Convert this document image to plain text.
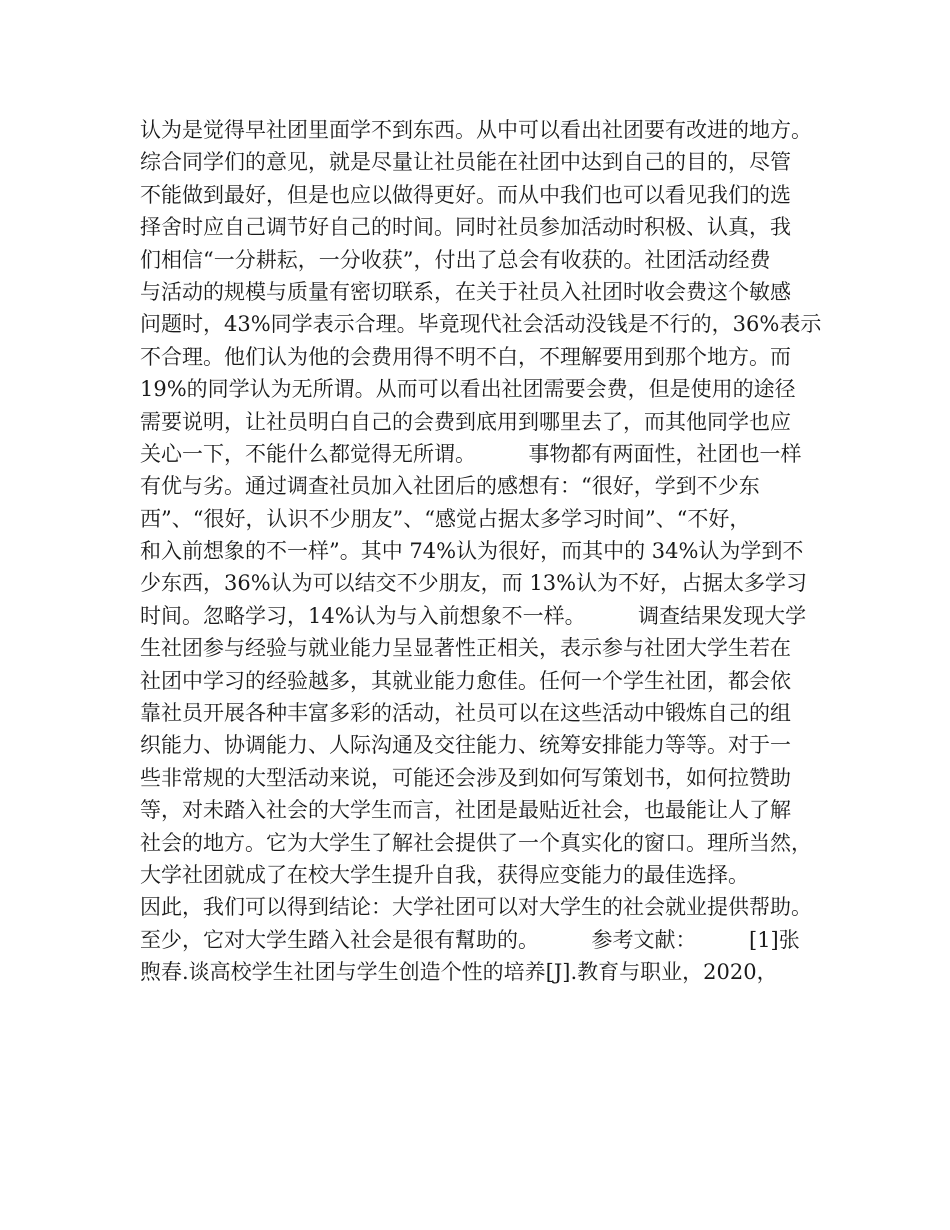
认为是觉得早社团里面学不到东西。从中可以看出社团要有改进的地方。
综合同学们的意见，就是尽量让社员能在社团中达到自己的目的，尽管
不能做到最好，但是也应以做得更好。而从中我们也可以看见我们的选
择舍时应自己调节好自己的时间。同时社员参加活动时积极、认真，我
们相信“一分耕耘，一分收获”，付出了总会有收获的。社团活动经费
与活动的规模与质量有密切联系，在关于社员入社团时收会费这个敏感
问题时，43%同学表示合理。毕竟现代社会活动没钱是不行的，36%表示
不合理。他们认为他的会费用得不明不白，不理解要用到那个地方。而
19%的同学认为无所谓。从而可以看出社团需要会费，但是使用的途径
需要说明，让社员明白自己的会费到底用到哪里去了，而其他同学也应
关心一下，不能什么都觉得无所谓。　　　事物都有两面性，社团也一样
有优与劣。通过调查社员加入社团后的感想有：“很好，学到不少东
西”、“很好，认识不少朋友”、“感觉占据太多学习时间”、“不好，
和入前想象的不一样”。其中 74%认为很好，而其中的 34%认为学到不
少东西，36%认为可以结交不少朋友，而 13%认为不好，占据太多学习
时间。忽略学习，14%认为与入前想象不一样。　　　调查结果发现大学
生社团参与经验与就业能力呈显著性正相关，表示参与社团大学生若在
社团中学习的经验越多，其就业能力愈佳。任何一个学生社团，都会依
靠社员开展各种丰富多彩的活动，社员可以在这些活动中锻炼自己的组
织能力、协调能力、人际沟通及交往能力、统筹安排能力等等。对于一
些非常规的大型活动来说，可能还会涉及到如何写策划书，如何拉赞助
等，对未踏入社会的大学生而言，社团是最贴近社会，也最能让人了解
社会的地方。它为大学生了解社会提供了一个真实化的窗口。理所当然，
大学社团就成了在校大学生提升自我，获得应变能力的最佳选择。
因此，我们可以得到结论：大学社团可以对大学生的社会就业提供帮助。
至少，它对大学生踏入社会是很有幫助的。　　　参考文献：　　　[1]张
煦春.谈高校学生社团与学生创造个性的培养[J].教育与职业，2020，
